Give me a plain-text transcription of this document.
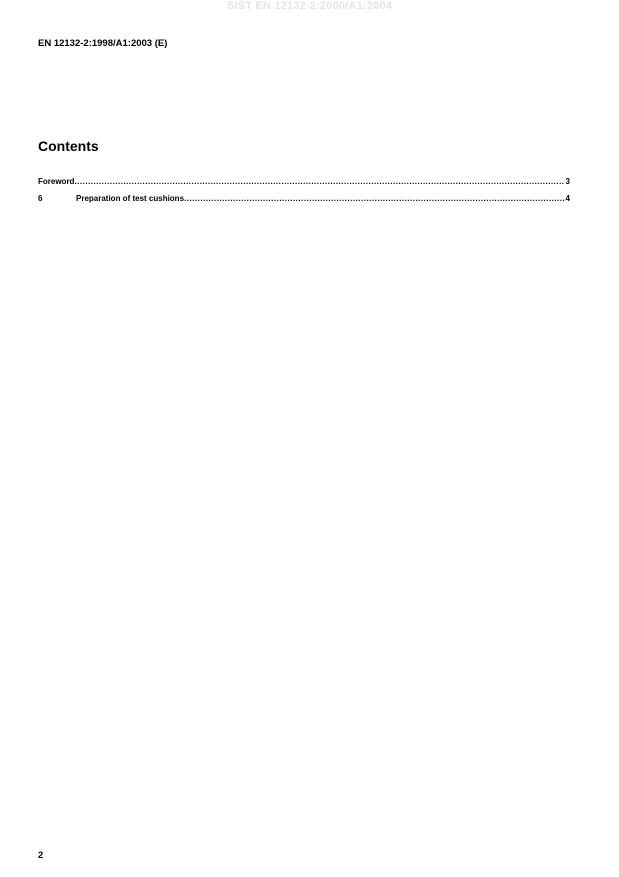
SIST EN 12132-2:2000/A1:2004
EN 12132-2:1998/A1:2003 (E)
Contents
Foreword .....	3
6	Preparation of test cushions .....	4
2
